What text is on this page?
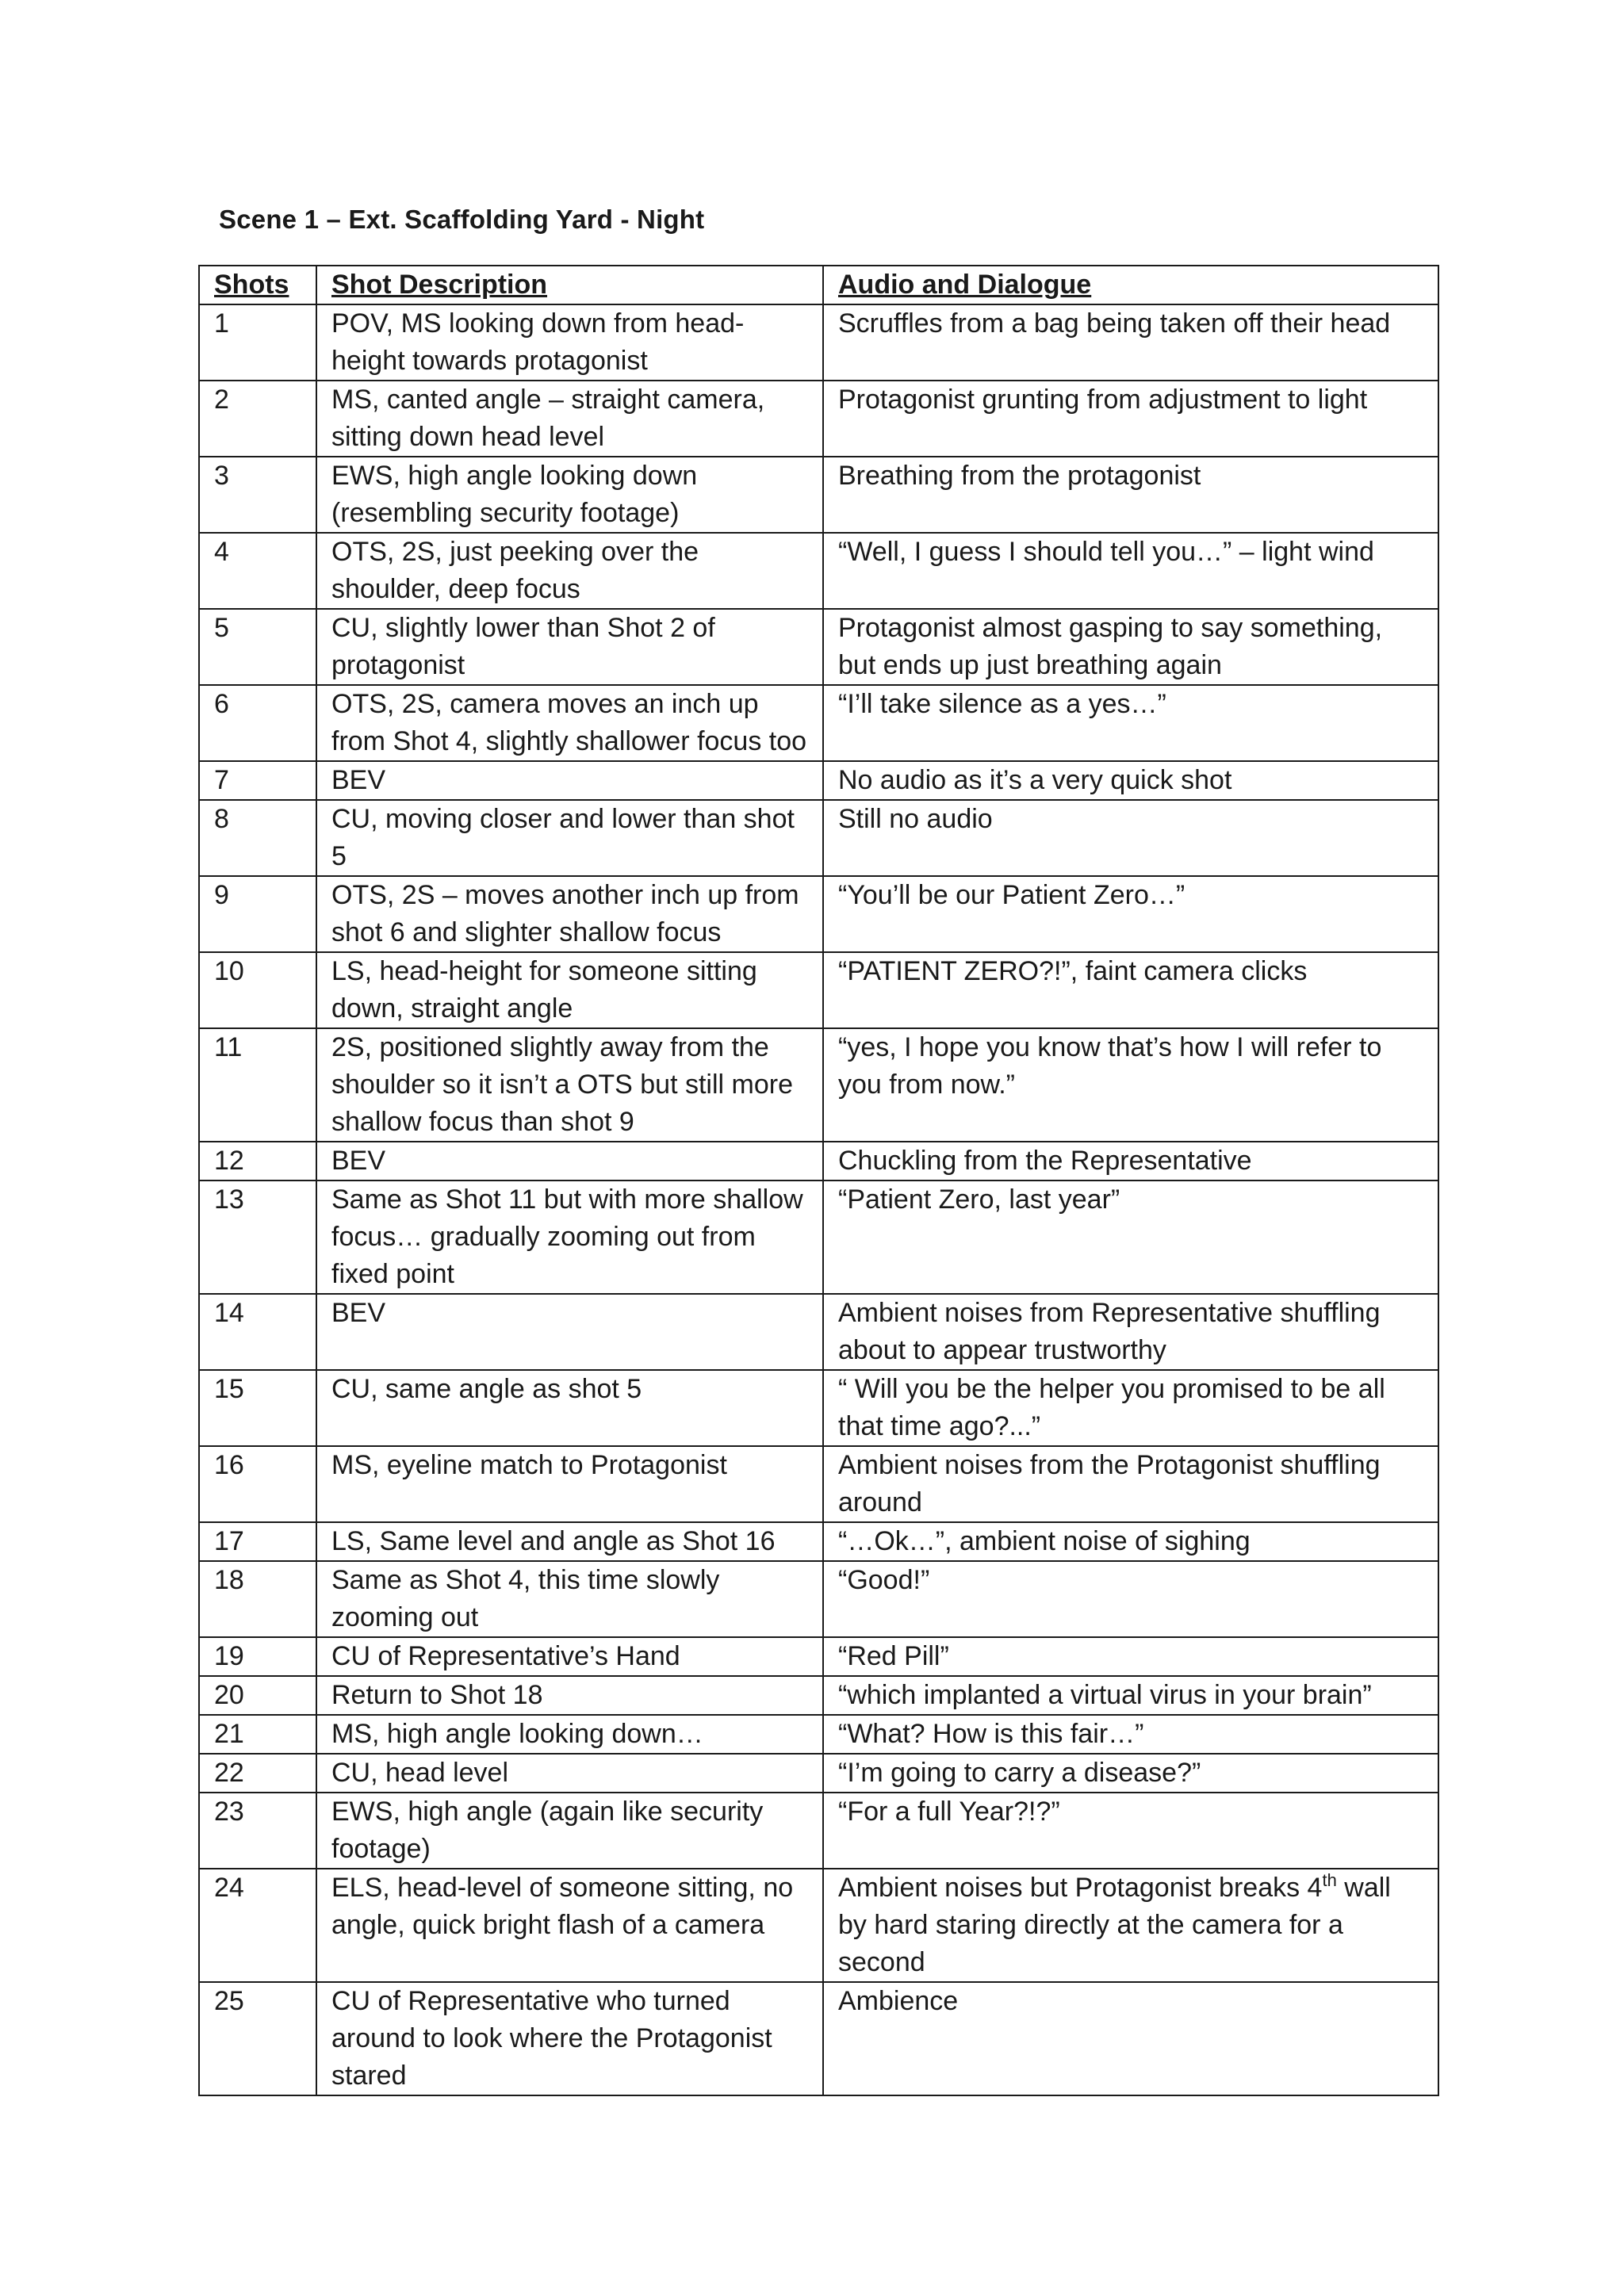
Scene 1 – Ext. Scaffolding Yard - Night
Shots	Shot Description	Audio and Dialogue
1	POV, MS looking down from head-height towards protagonist	Scruffles from a bag being taken off their head
2	MS, canted angle – straight camera, sitting down head level	Protagonist grunting from adjustment to light
3	EWS, high angle looking down (resembling security footage)	Breathing from the protagonist
4	OTS, 2S, just peeking over the shoulder, deep focus	“Well, I guess I should tell you…” – light wind
5	CU, slightly lower than Shot 2 of protagonist	Protagonist almost gasping to say something, but ends up just breathing again
6	OTS, 2S, camera moves an inch up from Shot 4, slightly shallower focus too	“I’ll take silence as a yes…”
7	BEV	No audio as it’s a very quick shot
8	CU, moving closer and lower than shot 5	Still no audio
9	OTS, 2S – moves another inch up from shot 6 and slighter shallow focus	“You’ll be our Patient Zero…”
10	LS, head-height for someone sitting down, straight angle	“PATIENT ZERO?!”, faint camera clicks
11	2S, positioned slightly away from the shoulder so it isn’t a OTS but still more shallow focus than shot 9	“yes, I hope you know that’s how I will refer to you from now.”
12	BEV	Chuckling from the Representative
13	Same as Shot 11 but with more shallow focus… gradually zooming out from fixed point	“Patient Zero, last year”
14	BEV	Ambient noises from Representative shuffling about to appear trustworthy
15	CU, same angle as shot 5	“ Will you be the helper you promised to be all that time ago?...”
16	MS, eyeline match to Protagonist	Ambient noises from the Protagonist shuffling around
17	LS, Same level and angle as Shot 16	“…Ok…”, ambient noise of sighing
18	Same as Shot 4, this time slowly zooming out	“Good!”
19	CU of Representative’s Hand	“Red Pill”
20	Return to Shot 18	“which implanted a virtual virus in your brain”
21	MS, high angle looking down…	“What? How is this fair…”
22	CU, head level	“I’m going to carry a disease?”
23	EWS, high angle (again like security footage)	“For a full Year?!?”
24	ELS, head-level of someone sitting, no angle, quick bright flash of a camera	Ambient noises but Protagonist breaks 4th wall by hard staring directly at the camera for a second
25	CU of Representative who turned around to look where the Protagonist stared	Ambience
